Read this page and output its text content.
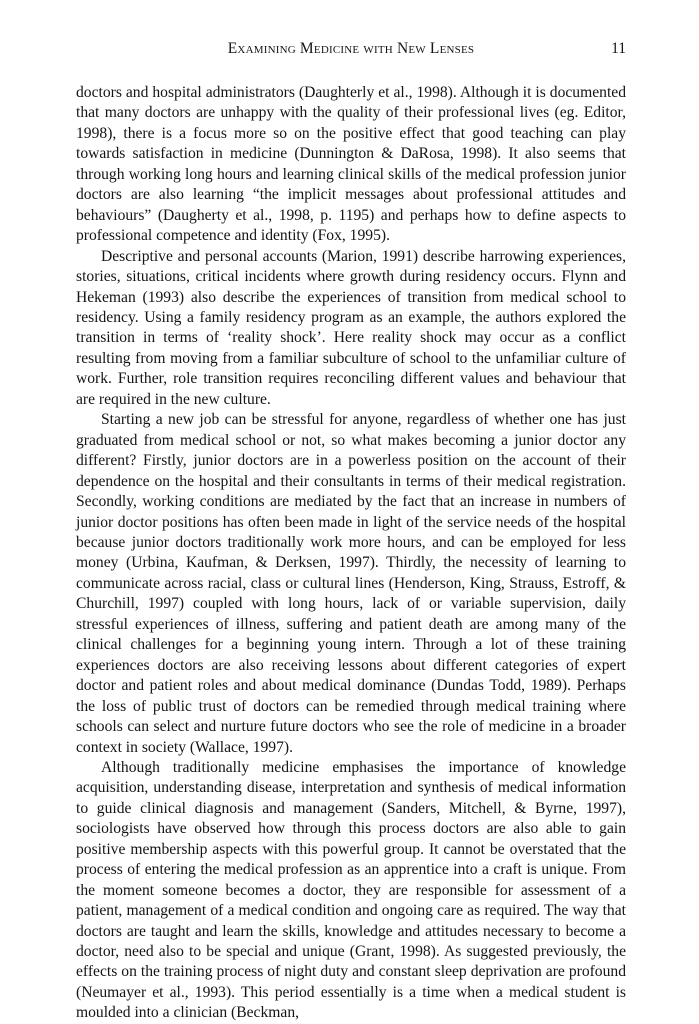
Examining Medicine with New Lenses	11

doctors and hospital administrators (Daughterly et al., 1998). Although it is documented that many doctors are unhappy with the quality of their professional lives (eg. Editor, 1998), there is a focus more so on the positive effect that good teaching can play towards satisfaction in medicine (Dunnington & DaRosa, 1998). It also seems that through working long hours and learning clinical skills of the medical profession junior doctors are also learning “the implicit messages about professional attitudes and behaviours” (Daugherty et al., 1998, p. 1195) and perhaps how to define aspects to professional competence and identity (Fox, 1995).

Descriptive and personal accounts (Marion, 1991) describe harrowing experiences, stories, situations, critical incidents where growth during residency occurs. Flynn and Hekeman (1993) also describe the experiences of transition from medical school to residency. Using a family residency program as an example, the authors explored the transition in terms of ‘reality shock’. Here reality shock may occur as a conflict resulting from moving from a familiar subculture of school to the unfamiliar culture of work. Further, role transition requires reconciling different values and behaviour that are required in the new culture.

Starting a new job can be stressful for anyone, regardless of whether one has just graduated from medical school or not, so what makes becoming a junior doctor any different? Firstly, junior doctors are in a powerless position on the account of their dependence on the hospital and their consultants in terms of their medical registration. Secondly, working conditions are mediated by the fact that an increase in numbers of junior doctor positions has often been made in light of the service needs of the hospital because junior doctors traditionally work more hours, and can be employed for less money (Urbina, Kaufman, & Derksen, 1997). Thirdly, the necessity of learning to communicate across racial, class or cultural lines (Henderson, King, Strauss, Estroff, & Churchill, 1997) coupled with long hours, lack of or variable supervision, daily stressful experiences of illness, suffering and patient death are among many of the clinical challenges for a beginning young intern. Through a lot of these training experiences doctors are also receiving lessons about different categories of expert doctor and patient roles and about medical dominance (Dundas Todd, 1989). Perhaps the loss of public trust of doctors can be remedied through medical training where schools can select and nurture future doctors who see the role of medicine in a broader context in society (Wallace, 1997).

Although traditionally medicine emphasises the importance of knowledge acquisition, understanding disease, interpretation and synthesis of medical information to guide clinical diagnosis and management (Sanders, Mitchell, & Byrne, 1997), sociologists have observed how through this process doctors are also able to gain positive membership aspects with this powerful group. It cannot be overstated that the process of entering the medical profession as an apprentice into a craft is unique. From the moment someone becomes a doctor, they are responsible for assessment of a patient, management of a medical condition and ongoing care as required. The way that doctors are taught and learn the skills, knowledge and attitudes necessary to become a doctor, need also to be special and unique (Grant, 1998). As suggested previously, the effects on the training process of night duty and constant sleep deprivation are profound (Neumayer et al., 1993). This period essentially is a time when a medical student is moulded into a clinician (Beckman,
